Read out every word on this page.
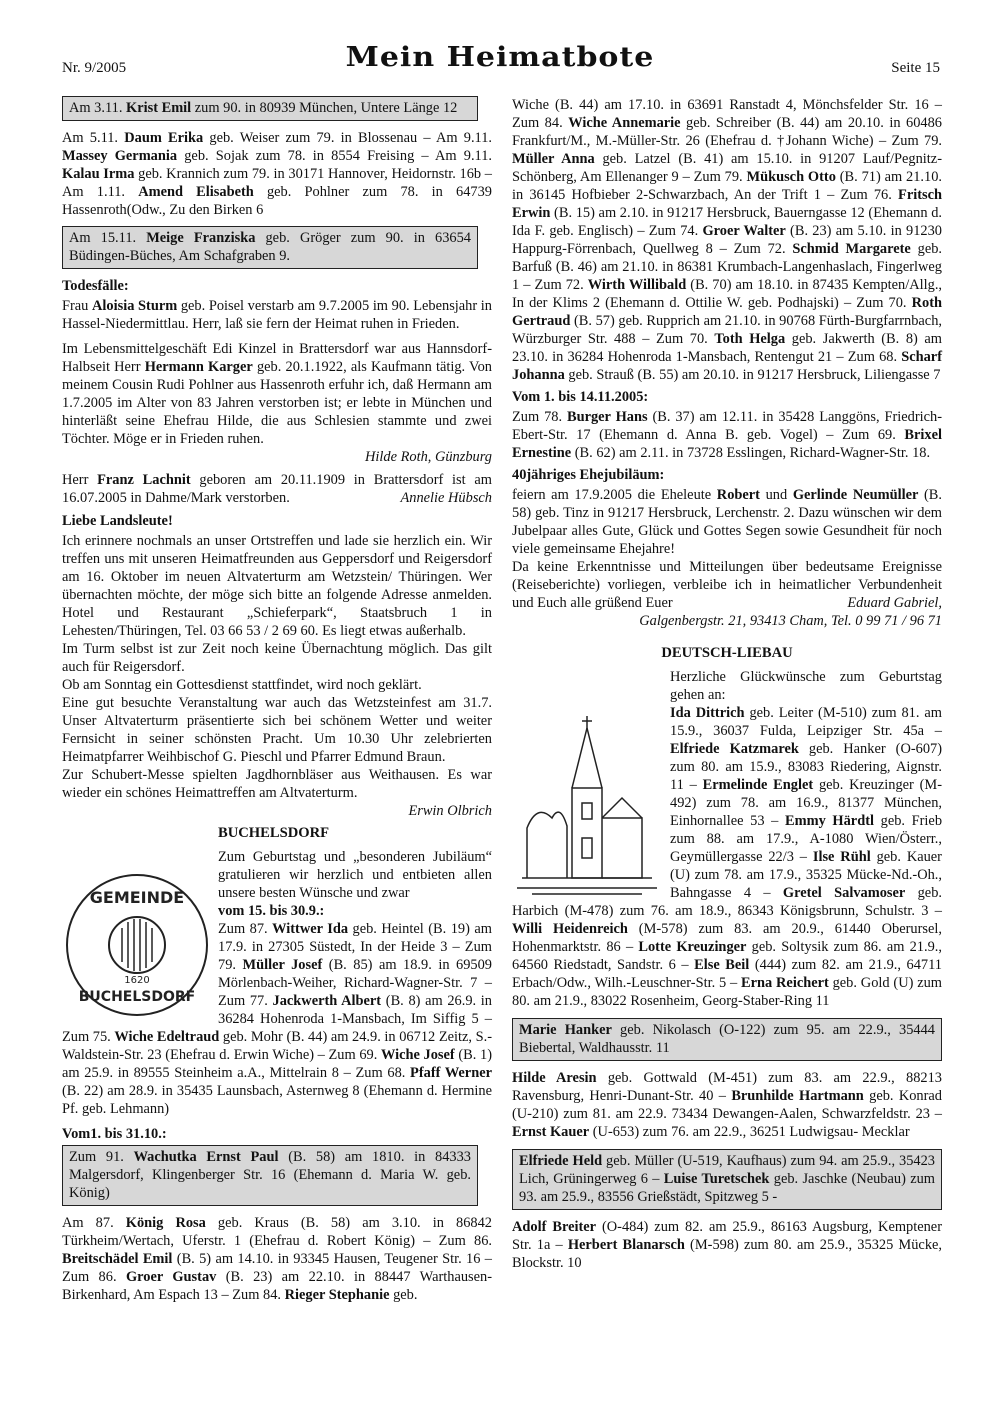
Nr. 9/2005	Mein Heimatbote	Seite 15
Am 3.11. Krist Emil zum 90. in 80939 München, Untere Länge 12

Am 5.11. Daum Erika geb. Weiser zum 79. in Blossenau – Am 9.11. Massey Germania geb. Sojak zum 78. in 8554 Freising – Am 9.11. Kalau Irma geb. Krannich zum 79. in 30171 Hannover, Heidornstr. 16b – Am 1.11. Amend Elisabeth geb. Pohlner zum 78. in 64739 Hassenroth(Odw., Zu den Birken 6

Am 15.11. Meige Franziska geb. Gröger zum 90. in 63654 Büdingen-Büches, Am Schafgraben 9.
Todesfälle:

Frau Aloisia Sturm geb. Poisel verstarb am 9.7.2005 im 90. Lebensjahr in Hassel-Niedermittlau. Herr, laß sie fern der Heimat ruhen in Frieden.

Im Lebensmittelgeschäft Edi Kinzel in Brattersdorf war aus Hannsdorf-Halbseit Herr Hermann Karger geb. 20.1.1922, als Kaufmann tätig. Von meinem Cousin Rudi Pohlner aus Hassenroth erfuhr ich, daß Hermann am 1.7.2005 im Alter von 83 Jahren verstorben ist; er lebte in München und hinterläßt seine Ehefrau Hilde, die aus Schlesien stammte und zwei Töchter. Möge er in Frieden ruhen.

Hilde Roth, Günzburg

Herr Franz Lachnit geboren am 20.11.1909 in Brattersdorf ist am 16.07.2005 in Dahme/Mark verstorben.	Annelie Hübsch

Liebe Landsleute!

Ich erinnere nochmals an unser Ortstreffen und lade sie herzlich ein. Wir treffen uns mit unseren Heimatfreunden aus Geppersdorf und Reigersdorf am 16. Oktober im neuen Altvaterturm am Wetzstein/ Thüringen. Wer übernachten möchte, der möge sich bitte an folgende Adresse anmelden. Hotel und Restaurant „Schieferpark“, Staatsbruch 1 in Lehesten/Thüringen, Tel. 03 66 53 / 2 69 60. Es liegt etwas außerhalb.

Im Turm selbst ist zur Zeit noch keine Übernachtung möglich. Das gilt auch für Reigersdorf.

Ob am Sonntag ein Gottesdienst stattfindet, wird noch geklärt.

Eine gut besuchte Veranstaltung war auch das Wetzsteinfest am 31.7. Unser Altvaterturm präsentierte sich bei schönem Wetter und weiter Fernsicht in seiner schönsten Pracht. Um 10.30 Uhr zelebrierten Heimatpfarrer Weihbischof G. Pieschl und Pfarrer Edmund Braun.

Zur Schubert-Messe spielten Jagdhornbläser aus Weithausen. Es war wieder ein schönes Heimattreffen am Altvaterturm.

Erwin Olbrich
BUCHELSDORF
GEMEINDE
BUCHELSDORF
1620

Zum Geburtstag und „besonderen Jubiläum“ gratulieren wir herzlich und entbieten allen unsere besten Wünsche und zwar

vom 15. bis 30.9.:

Zum 87. Wittwer Ida geb. Heintel (B. 19) am 17.9. in 27305 Süstedt, In der Heide 3 – Zum 79. Müller Josef (B. 85) am 18.9. in 69509 Mörlenbach-Weiher, Richard-Wagner-Str. 7 – Zum 77. Jackwerth Albert (B. 8) am 26.9. in 36284 Hohenroda 1-Mansbach, Im Siffig 5 – Zum 75. Wiche Edeltraud geb. Mohr (B. 44) am 24.9. in 06712 Zeitz, S.-Waldstein-Str. 23 (Ehefrau d. Erwin Wiche) – Zum 69. Wiche Josef (B. 1) am 25.9. in 89555 Steinheim a.A., Mittelrain 8 – Zum 68. Pfaff Werner (B. 22) am 28.9. in 35435 Launsbach, Asternweg 8 (Ehemann d. Hermine Pf. geb. Lehmann)

Vom1. bis 31.10.:
Zum 91. Wachutka Ernst Paul (B. 58) am 1810. in 84333 Malgersdorf, Klingenberger Str. 16 (Ehemann d. Maria W. geb. König)

Am 87. König Rosa geb. Kraus (B. 58) am 3.10. in 86842 Türkheim/Wertach, Uferstr. 1 (Ehefrau d. Robert König) – Zum 86. Breitschädel Emil (B. 5) am 14.10. in 93345 Hausen, Teugener Str. 16 – Zum 86. Groer Gustav (B. 23) am 22.10. in 88447 Warthausen-Birkenhard, Am Espach 13 – Zum 84. Rieger Stephanie geb.

Wiche (B. 44) am 17.10. in 63691 Ranstadt 4, Mönchsfelder Str. 16 – Zum 84. Wiche Annemarie geb. Schreiber (B. 44) am 20.10. in 60486 Frankfurt/M., M.-Müller-Str. 26 (Ehefrau d. †Johann Wiche) – Zum 79. Müller Anna geb. Latzel (B. 41) am 15.10. in 91207 Lauf/Pegnitz-Schönberg, Am Ellenanger 9 – Zum 79. Mükusch Otto (B. 71) am 21.10. in 36145 Hofbieber 2-Schwarzbach, An der Trift 1 – Zum 76. Fritsch Erwin (B. 15) am 2.10. in 91217 Hersbruck, Bauerngasse 12 (Ehemann d. Ida F. geb. Englisch) – Zum 74. Groer Walter (B. 23) am 5.10. in 91230 Happurg-Förrenbach, Quellweg 8 – Zum 72. Schmid Margarete geb. Barfuß (B. 46) am 21.10. in 86381 Krumbach-Langenhaslach, Fingerlweg 1 – Zum 72. Wirth Willibald (B. 70) am 18.10. in 87435 Kempten/Allg., In der Klims 2 (Ehemann d. Ottilie W. geb. Podhajski) – Zum 70. Roth Gertraud (B. 57) geb. Rupprich am 21.10. in 90768 Fürth-Burgfarrnbach, Würzburger Str. 488 – Zum 70. Toth Helga geb. Jakwerth (B. 8) am 23.10. in 36284 Hohenroda 1-Mansbach, Rentengut 21 – Zum 68. Scharf Johanna geb. Strauß (B. 55) am 20.10. in 91217 Hersbruck, Liliengasse 7

Vom 1. bis 14.11.2005:

Zum 78. Burger Hans (B. 37) am 12.11. in 35428 Langgöns, Friedrich-Ebert-Str. 17 (Ehemann d. Anna B. geb. Vogel) – Zum 69. Brixel Ernestine (B. 62) am 2.11. in 73728 Esslingen, Richard-Wagner-Str. 18.

40jähriges Ehejubiläum:

feiern am 17.9.2005 die Eheleute Robert und Gerlinde Neumüller (B. 58) geb. Tinz in 91217 Hersbruck, Lerchenstr. 2. Dazu wünschen wir dem Jubelpaar alles Gute, Glück und Gottes Segen sowie Gesundheit für noch viele gemeinsame Ehejahre!

Da keine Erkenntnisse und Mitteilungen über bedeutsame Ereignisse (Reiseberichte) vorliegen, verbleibe ich in heimatlicher Verbundenheit und Euch alle grüßend Euer	Eduard Gabriel,

Galgenbergstr. 21, 93413 Cham, Tel. 0 99 71 / 96 71
DEUTSCH-LIEBAU

Herzliche Glückwünsche zum Geburtstag gehen an:

Ida Dittrich geb. Leiter (M-510) zum 81. am 15.9., 36037 Fulda, Leipziger Str. 45a – Elfriede Katzmarek geb. Hanker (O-607) zum 80. am 15.9., 83083 Riedering, Aignstr. 11 – Ermelinde Englet geb. Kreuzinger (M-492) zum 78. am 16.9., 81377 München, Einhornallee 53 – Emmy Härdtl geb. Frieb zum 88. am 17.9., A-1080 Wien/Österr., Geymüllergasse 22/3 – Ilse Rühl geb. Kauer (U) zum 78. am 17.9., 35325 Mücke-Nd.-Oh., Bahngasse 4 – Gretel Salvamoser geb. Harbich (M-478) zum 76. am 18.9., 86343 Königsbrunn, Schulstr. 3 – Willi Heidenreich (M-578) zum 83. am 20.9., 61440 Oberursel, Hohenmarktstr. 86 – Lotte Kreuzinger geb. Soltysik zum 86. am 21.9., 64560 Riedstadt, Sandstr. 6 – Else Beil (444) zum 82. am 21.9., 64711 Erbach/Odw., Wilh.-Leuschner-Str. 5 – Erna Reichert geb. Gold (U) zum 80. am 21.9., 83022 Rosenheim, Georg-Staber-Ring 11

Marie Hanker geb. Nikolasch (O-122) zum 95. am 22.9., 35444 Biebertal, Waldhausstr. 11

Hilde Aresin geb. Gottwald (M-451) zum 83. am 22.9., 88213 Ravensburg, Henri-Dunant-Str. 40 – Brunhilde Hartmann geb. Konrad (U-210) zum 81. am 22.9. 73434 Dewangen-Aalen, Schwarzfeldstr. 23 – Ernst Kauer (U-653) zum 76. am 22.9., 36251 Ludwigsau- Mecklar

Elfriede Held geb. Müller (U-519, Kaufhaus) zum 94. am 25.9., 35423 Lich, Grüningerweg 6 – Luise Turetschek geb. Jaschke (Neubau) zum 93. am 25.9., 83556 Grießstädt, Spitzweg 5 -

Adolf Breiter (O-484) zum 82. am 25.9., 86163 Augsburg, Kemptener Str. 1a – Herbert Blanarsch (M-598) zum 80. am 25.9., 35325 Mücke, Blockstr. 10
